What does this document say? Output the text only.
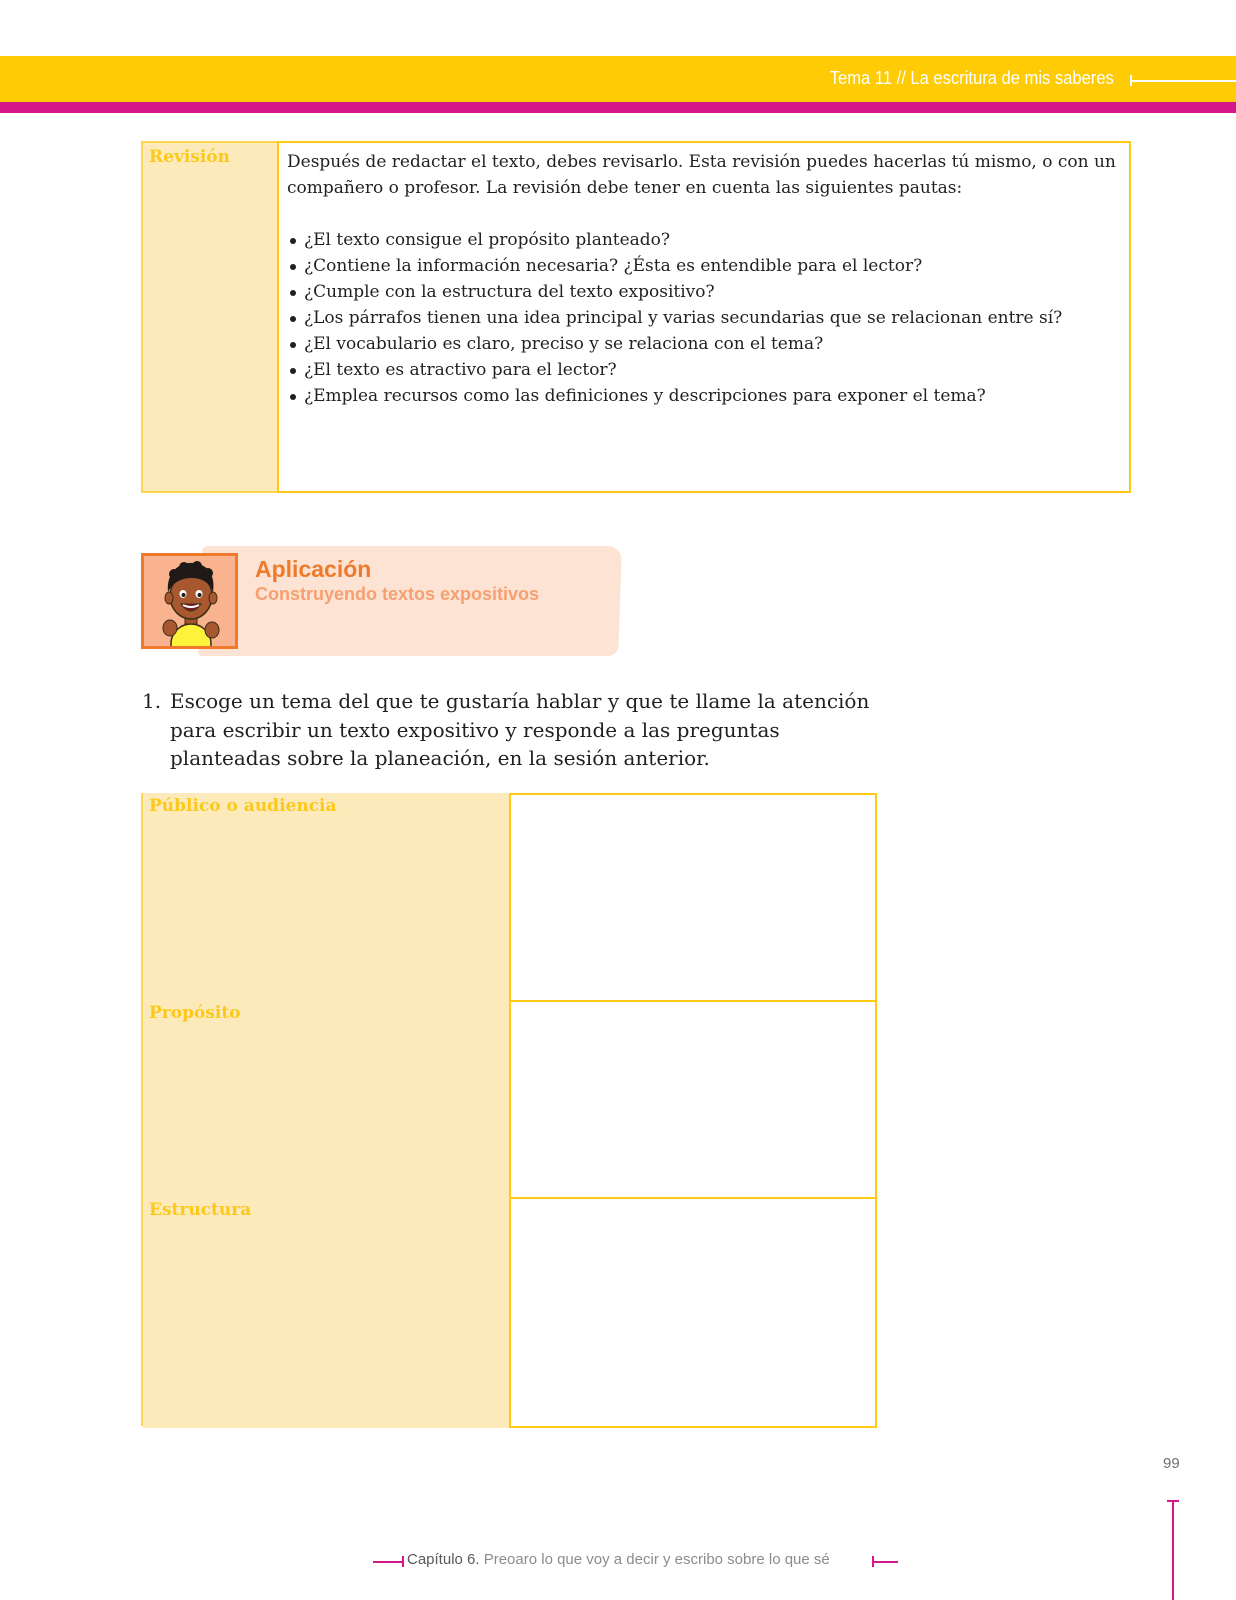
Tema 11 // La escritura de mis saberes
Revisión	Después de redactar el texto, debes revisarlo. Esta revisión puedes hacerlas tú mismo, o con un compañero o profesor. La revisión debe tener en cuenta las siguientes pautas:

¿El texto consigue el propósito planteado?
¿Contiene la información necesaria? ¿Ésta es entendible para el lector?
¿Cumple con la estructura del texto expositivo?
¿Los párrafos tienen una idea principal y varias secundarias que se relacionan entre sí?
¿El vocabulario es claro, preciso y se relaciona con el tema?
¿El texto es atractivo para el lector?
¿Emplea recursos como las definiciones y descripciones para exponer el tema?
Aplicación
Construyendo textos expositivos
1. Escoge un tema del que te gustaría hablar y que te llame la atención para escribir un texto expositivo y responde a las preguntas planteadas sobre la planeación, en la sesión anterior.
Público o audiencia
Propósito
Estructura
99
Capítulo 6. Preoaro lo que voy a decir y escribo sobre lo que sé
